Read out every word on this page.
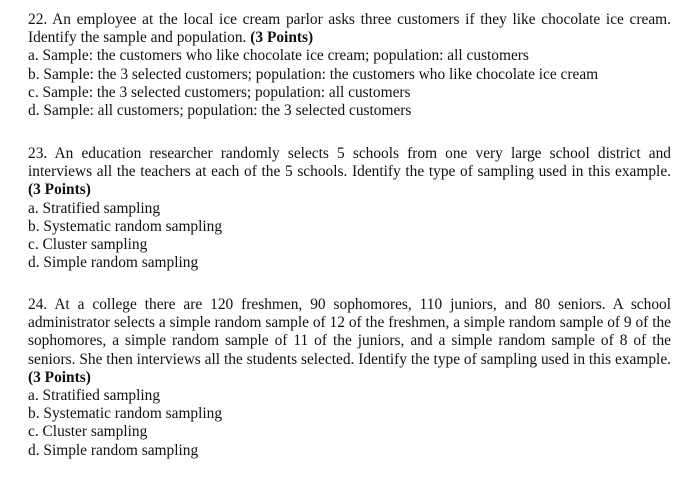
22. An employee at the local ice cream parlor asks three customers if they like chocolate ice cream. Identify the sample and population. (3 Points)

a. Sample: the customers who like chocolate ice cream; population: all customers
b. Sample: the 3 selected customers; population: the customers who like chocolate ice cream
c. Sample: the 3 selected customers; population: all customers
d. Sample: all customers; population: the 3 selected customers

23. An education researcher randomly selects 5 schools from one very large school district and interviews all the teachers at each of the 5 schools. Identify the type of sampling used in this example. (3 Points)

a. Stratified sampling
b. Systematic random sampling
c. Cluster sampling
d. Simple random sampling

24. At a college there are 120 freshmen, 90 sophomores, 110 juniors, and 80 seniors. A school administrator selects a simple random sample of 12 of the freshmen, a simple random sample of 9 of the sophomores, a simple random sample of 11 of the juniors, and a simple random sample of 8 of the seniors. She then interviews all the students selected. Identify the type of sampling used in this example. (3 Points)

a. Stratified sampling
b. Systematic random sampling
c. Cluster sampling
d. Simple random sampling
